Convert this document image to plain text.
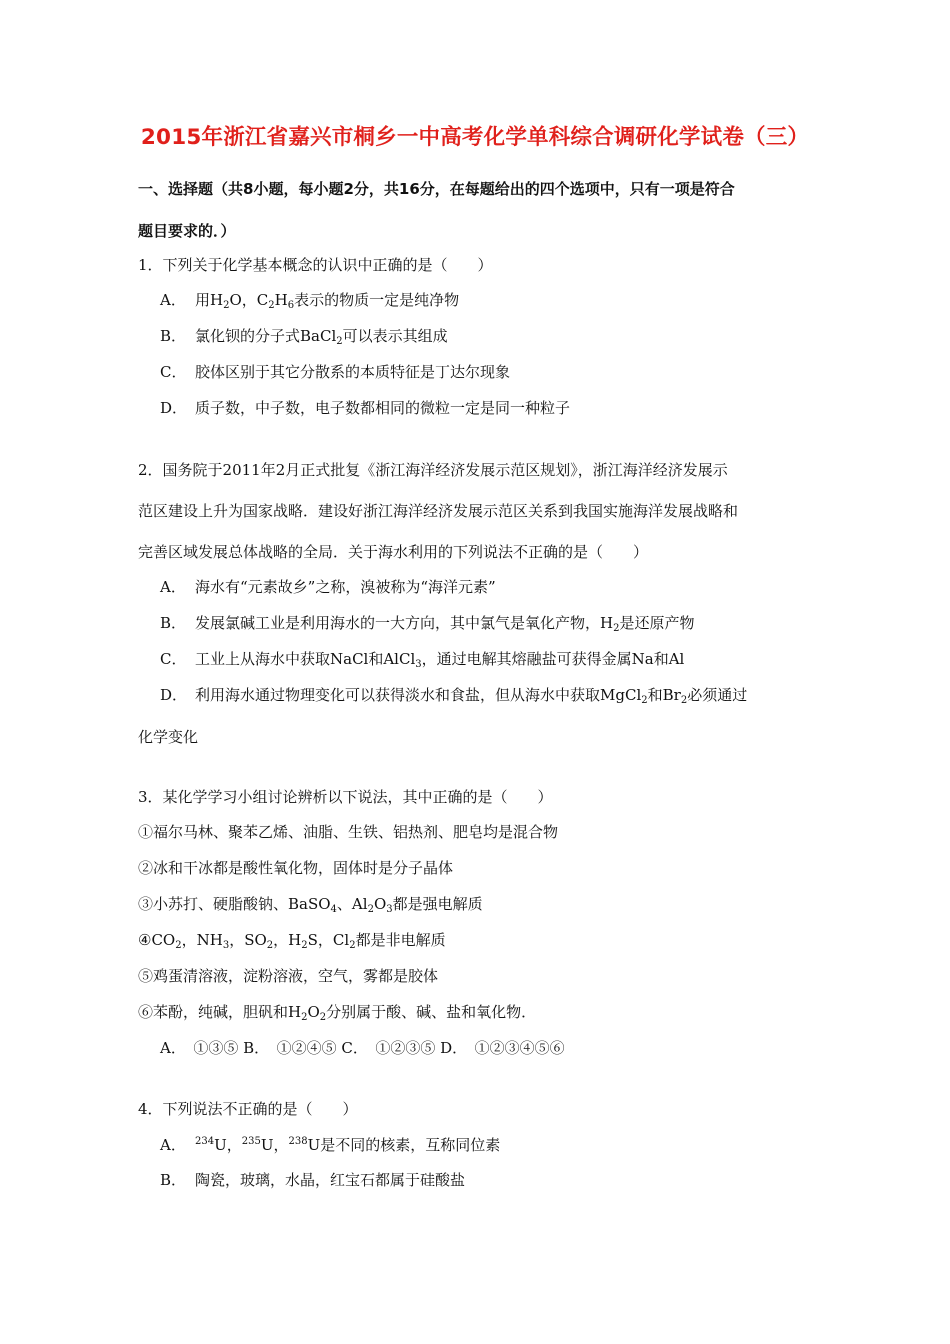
2015年浙江省嘉兴市桐乡一中高考化学单科综合调研化学试卷（三）
一、选择题（共8小题，每小题2分，共16分，在每题给出的四个选项中，只有一项是符合
题目要求的．）
1．下列关于化学基本概念的认识中正确的是（　　）
A． 用$H_2O$，$C_2H_6$表示的物质一定是纯净物
B． 氯化钡的分子式BaCl$_2$可以表示其组成
C． 胶体区别于其它分散系的本质特征是丁达尔现象
D． 质子数，中子数，电子数都相同的微粒一定是同一种粒子
2．国务院于2011年2月正式批复《浙江海洋经济发展示范区规划》，浙江海洋经济发展示
范区建设上升为国家战略．建设好浙江海洋经济发展示范区关系到我国实施海洋发展战略和
完善区域发展总体战略的全局．关于海水利用的下列说法不正确的是（　　）
A． 海水有“元素故乡”之称，溴被称为“海洋元素”
B． 发展氯碱工业是利用海水的一大方向，其中氯气是氧化产物，$H_2$是还原产物
C． 工业上从海水中获取NaCl和AlCl$_3$，通过电解其熔融盐可获得金属Na和Al
D． 利用海水通过物理变化可以获得淡水和食盐，但从海水中获取MgCl$_2$和$Br_2$必须通过
化学变化
3．某化学学习小组讨论辨析以下说法，其中正确的是（　　）
①福尔马林、聚苯乙烯、油脂、生铁、铝热剂、肥皂均是混合物
②冰和干冰都是酸性氧化物，固体时是分子晶体
③小苏打、硬脂酸钠、BaSO$_4$、$Al_2O_3$都是强电解质
$④CO_2$，$NH_3$，$SO_2$，$H_2S$，$Cl_2$都是非电解质
⑤鸡蛋清溶液，淀粉溶液，空气，雾都是胶体
⑥苯酚，纯碱，胆矾和$H_2O_2$分别属于酸、碱、盐和氧化物．
A．　①③⑤ B．　①②④⑤ C．　①②③⑤ D．　①②③④⑤⑥
4．下列说法不正确的是（　　）
A． $^{234}$U，$^{235}$U，$^{238}$U是不同的核素，互称同位素
B． 陶瓷，玻璃，水晶，红宝石都属于硅酸盐
